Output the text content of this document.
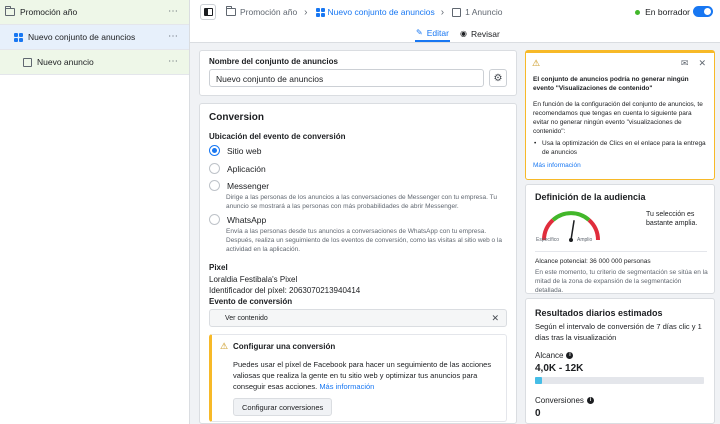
Promoción año	⋯
Nuevo conjunto de anuncios	⋯
Nuevo anuncio	⋯
Promoción año › Nuevo conjunto de anuncios › 1 Anuncio	En borrador
✎ Editar ◉ Revisar
Nombre del conjunto de anuncios
Nuevo conjunto de anuncios	⚙
Conversion
Ubicación del evento de conversión
Sitio web
Aplicación
Messenger
Dirige a las personas de los anuncios a las conversaciones de Messenger con tu empresa. Tu anuncio se mostrará a las personas con más probabilidades de abrir Messenger.
WhatsApp
Envía a las personas desde tus anuncios a conversaciones de WhatsApp con tu empresa. Después, realiza un seguimiento de los eventos de conversión, como las visitas al sitio web o la actividad en la aplicación.
Pixel
Loraldia Festibala's Pixel
Identificador del píxel: 2063070213940414
Evento de conversión
Ver contenido	✕
⚠ Configurar una conversión
Puedes usar el píxel de Facebook para hacer un seguimiento de las acciones valiosas que realiza la gente en tu sitio web y optimizar tus anuncios para conseguir esas acciones. Más información
Configurar conversiones
⚠	✉ ✕
El conjunto de anuncios podría no generar ningún evento "Visualizaciones de contenido"
En función de la configuración del conjunto de anuncios, te recomendamos que tengas en cuenta lo siguiente para evitar no generar ningún evento "visualizaciones de contenido":
• Usa la optimización de Clics en el enlace para la entrega de anuncios
Más información
Definición de la audiencia
Específico	Amplio
Tu selección es bastante amplia.
Alcance potencial: 36 000 000 personas
En este momento, tu criterio de segmentación se sitúa en la mitad de la zona de expansión de la segmentación detallada.
Resultados diarios estimados
Según el intervalo de conversión de 7 días clic y 1 días tras la visualización
Alcance	i
4,0K - 12K
Conversiones	i
0
